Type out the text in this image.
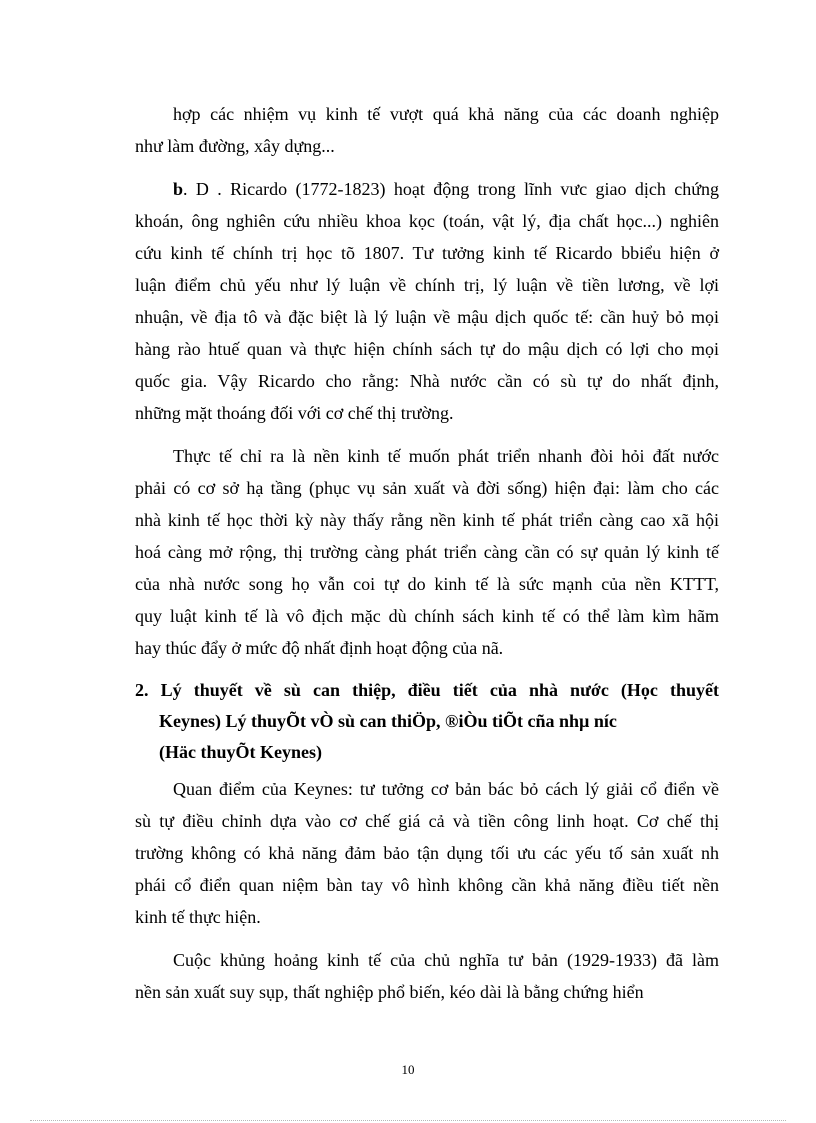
hợp các nhiệm vụ kinh tế vượt quá khả năng của các doanh nghiệp
như làm đường, xây dựng...
b. D . Ricardo (1772-1823) hoạt động trong lĩnh vưc giao dịch chứng
khoán, ông nghiên cứu nhiều khoa kọc (toán, vật lý, địa chất học...) nghiên
cứu kinh tế chính trị học tõ 1807. Tư tưởng kinh tế Ricardo bbiểu hiện ở
luận điểm chủ yếu như lý luận về chính trị, lý luận về tiền lương, về lợi
nhuận, về địa tô và đặc biệt là lý luận về mậu dịch quốc tế: cần huỷ bỏ mọi
hàng rào htuế quan và thực hiện chính sách tự do mậu dịch có lợi cho mọi
quốc gia. Vậy Ricardo cho rằng: Nhà nước cần có sù tự do nhất định,
những mặt thoáng đối với cơ chế thị trường.
Thực tế chỉ ra là nền kinh tế muốn phát triển nhanh đòi hỏi đất nước
phải có cơ sở hạ tầng (phục vụ sản xuất và đời sống) hiện đại: làm cho các
nhà kinh tế học thời kỳ này thấy rằng nền kinh tế phát triển càng cao xã hội
hoá càng mở rộng, thị trường càng phát triển càng cần có sự quản lý kinh tế
của nhà nước song họ vẫn coi tự do kinh tế là sức mạnh của nền KTTT,
quy luật kinh tế là vô địch mặc dù chính sách kinh tế có thể làm kìm hãm
hay thúc đẩy ở mức độ nhất định hoạt động của nã.
2. Lý thuyết về sù can thiệp, điều tiết của nhà nước (Học thuyết
Keynes) Lý thuyÕt vÒ sù can thiÖp, ®iÒu tiÕt cña nhµ níc
(Häc thuyÕt Keynes)
Quan điểm của Keynes: tư tưởng cơ bản bác bỏ cách lý giải cổ điển về
sù tự điều chỉnh dựa vào cơ chế giá cả và tiền công linh hoạt. Cơ chế thị
trường không có khả năng đảm bảo tận dụng tối ưu các yếu tố sản xuất nh
phái cổ điển quan niệm bàn tay vô hình không cần khả năng điều tiết nền
kinh tế thực hiện.
Cuộc khủng hoảng kinh tế của chủ nghĩa tư bản (1929-1933) đã làm
nền sản xuất suy sụp, thất nghiệp phổ biến, kéo dài là bằng chứng hiển
10
